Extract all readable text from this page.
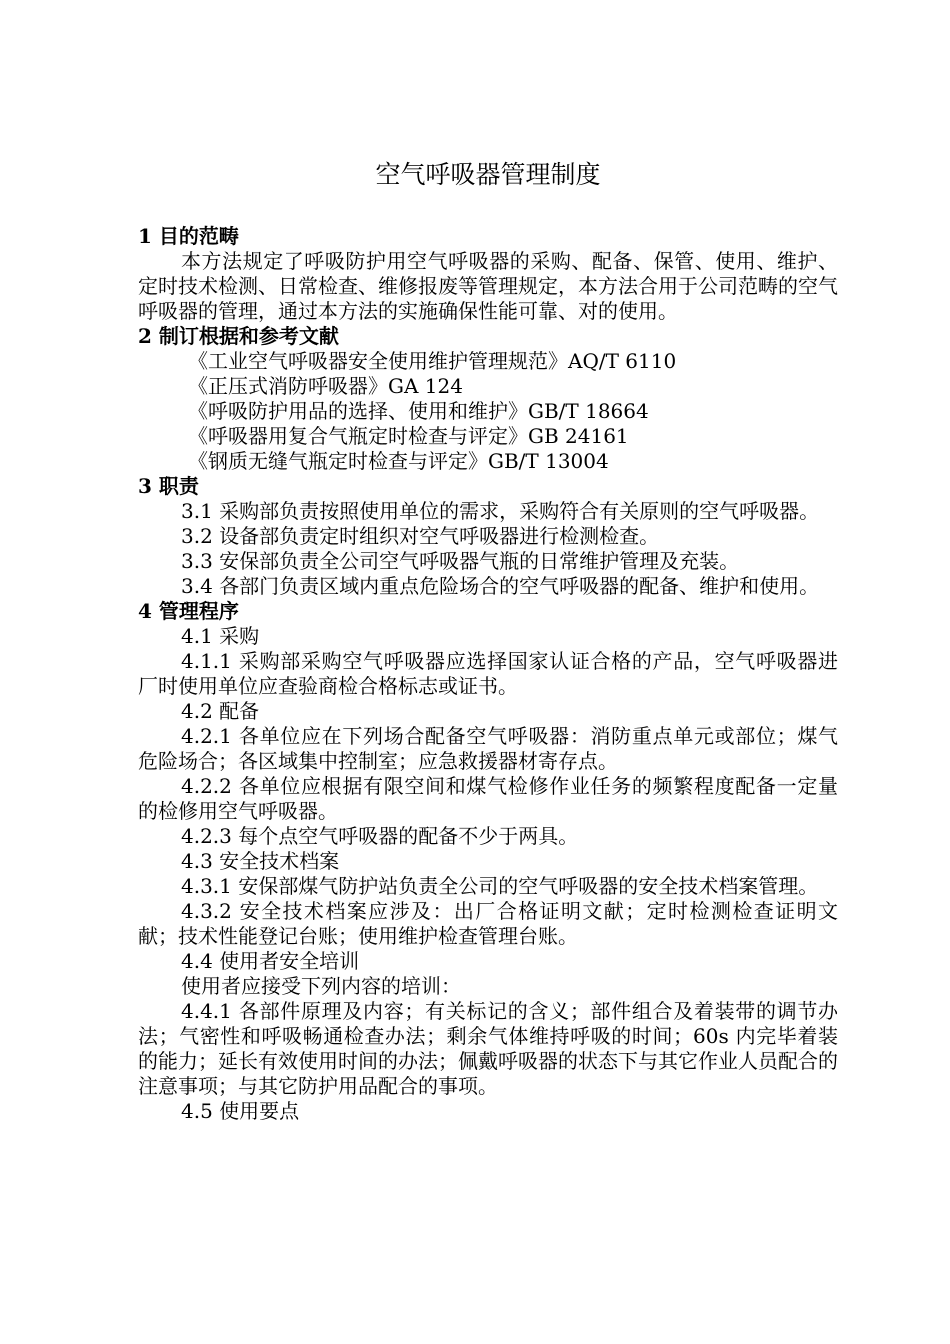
空气呼吸器管理制度

1 目的范畴

本方法规定了呼吸防护用空气呼吸器的采购、配备、保管、使用、维护、定时技术检测、日常检查、维修报废等管理规定，本方法合用于公司范畴的空气呼吸器的管理，通过本方法的实施确保性能可靠、对的使用。

2 制订根据和参考文献

《工业空气呼吸器安全使用维护管理规范》AQ/T 6110

《正压式消防呼吸器》GA 124

《呼吸防护用品的选择、使用和维护》GB/T 18664

《呼吸器用复合气瓶定时检查与评定》GB 24161

《钢质无缝气瓶定时检查与评定》GB/T 13004

3 职责

3.1 采购部负责按照使用单位的需求，采购符合有关原则的空气呼吸器。

3.2 设备部负责定时组织对空气呼吸器进行检测检查。

3.3 安保部负责全公司空气呼吸器气瓶的日常维护管理及充装。

3.4 各部门负责区域内重点危险场合的空气呼吸器的配备、维护和使用。

4 管理程序

4.1 采购

4.1.1 采购部采购空气呼吸器应选择国家认证合格的产品，空气呼吸器进厂时使用单位应查验商检合格标志或证书。

4.2 配备

4.2.1 各单位应在下列场合配备空气呼吸器：消防重点单元或部位；煤气危险场合；各区域集中控制室；应急救援器材寄存点。

4.2.2 各单位应根据有限空间和煤气检修作业任务的频繁程度配备一定量的检修用空气呼吸器。

4.2.3 每个点空气呼吸器的配备不少于两具。

4.3 安全技术档案

4.3.1 安保部煤气防护站负责全公司的空气呼吸器的安全技术档案管理。

4.3.2 安全技术档案应涉及：出厂合格证明文献；定时检测检查证明文献；技术性能登记台账；使用维护检查管理台账。

4.4 使用者安全培训

使用者应接受下列内容的培训：

4.4.1 各部件原理及内容；有关标记的含义；部件组合及着装带的调节办法；气密性和呼吸畅通检查办法；剩余气体维持呼吸的时间；60s 内完毕着装的能力；延长有效使用时间的办法；佩戴呼吸器的状态下与其它作业人员配合的注意事项；与其它防护用品配合的事项。

4.5 使用要点
